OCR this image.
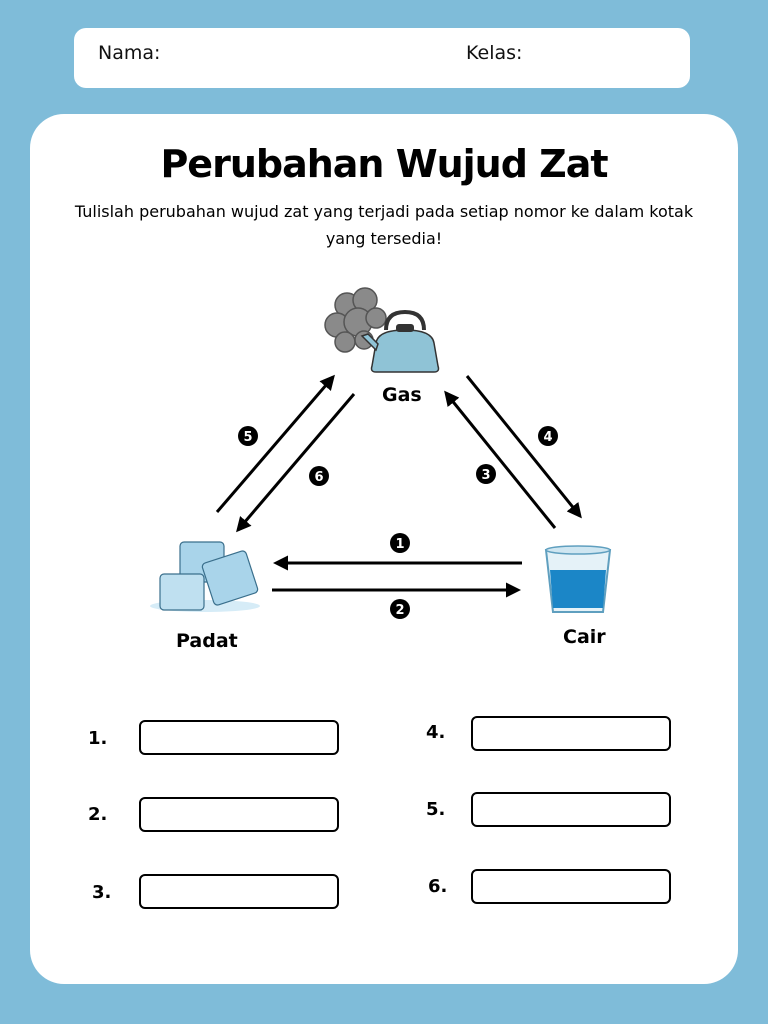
Nama:	Kelas:
Perubahan Wujud Zat
Tulislah perubahan wujud zat yang terjadi pada setiap nomor ke dalam kotak yang tersedia!
1
2
3
4
5
6
Gas
Padat	Cair
1.
2.
3.
4.
5.
6.
